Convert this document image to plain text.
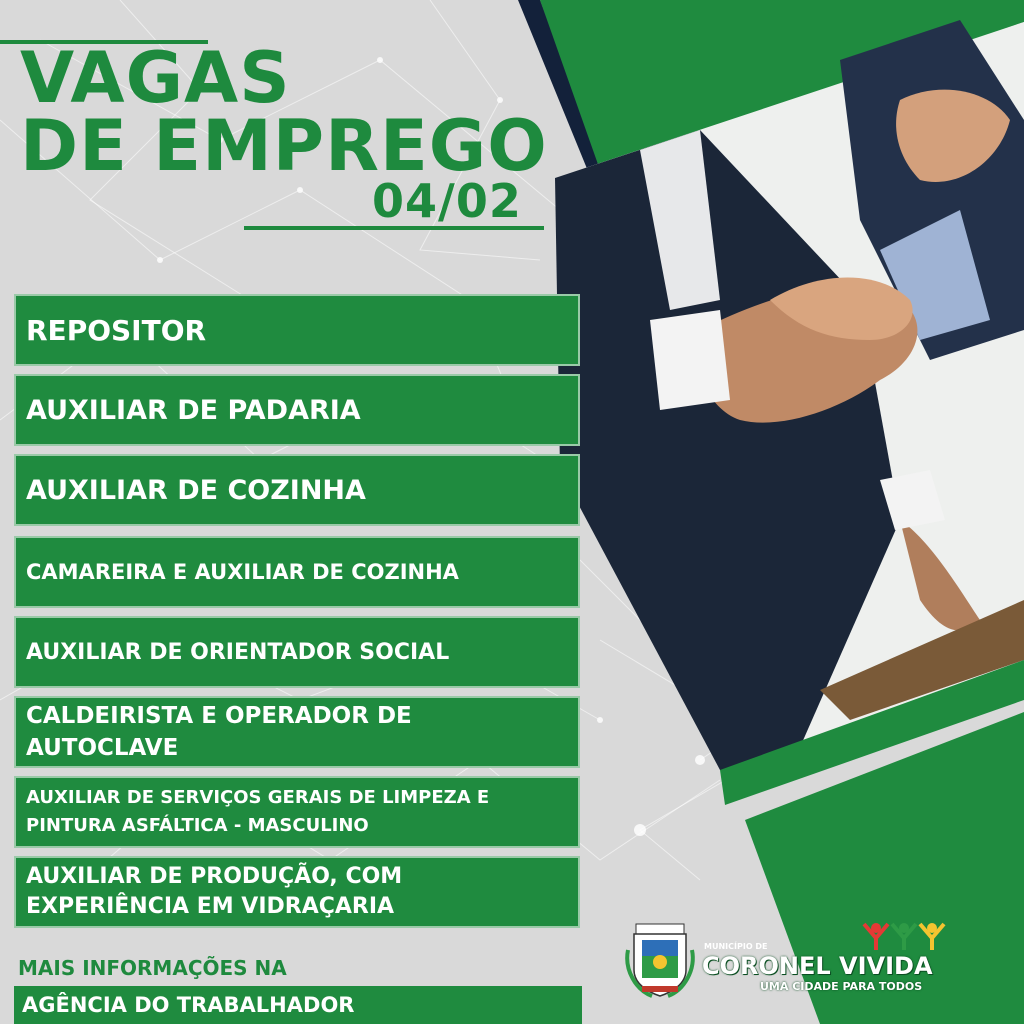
VAGAS
DE EMPREGO
04/02
REPOSITOR
AUXILIAR DE PADARIA
AUXILIAR DE COZINHA
CAMAREIRA E AUXILIAR DE COZINHA
AUXILIAR DE ORIENTADOR SOCIAL
CALDEIRISTA E OPERADOR DE AUTOCLAVE
AUXILIAR DE SERVIÇOS GERAIS DE LIMPEZA E PINTURA ASFÁLTICA - MASCULINO
AUXILIAR DE PRODUÇÃO, COM EXPERIÊNCIA EM VIDRAÇARIA
MAIS INFORMAÇÕES NA
AGÊNCIA DO TRABALHADOR
MUNICÍPIO DE
CORONEL VIVIDA
UMA CIDADE PARA TODOS
